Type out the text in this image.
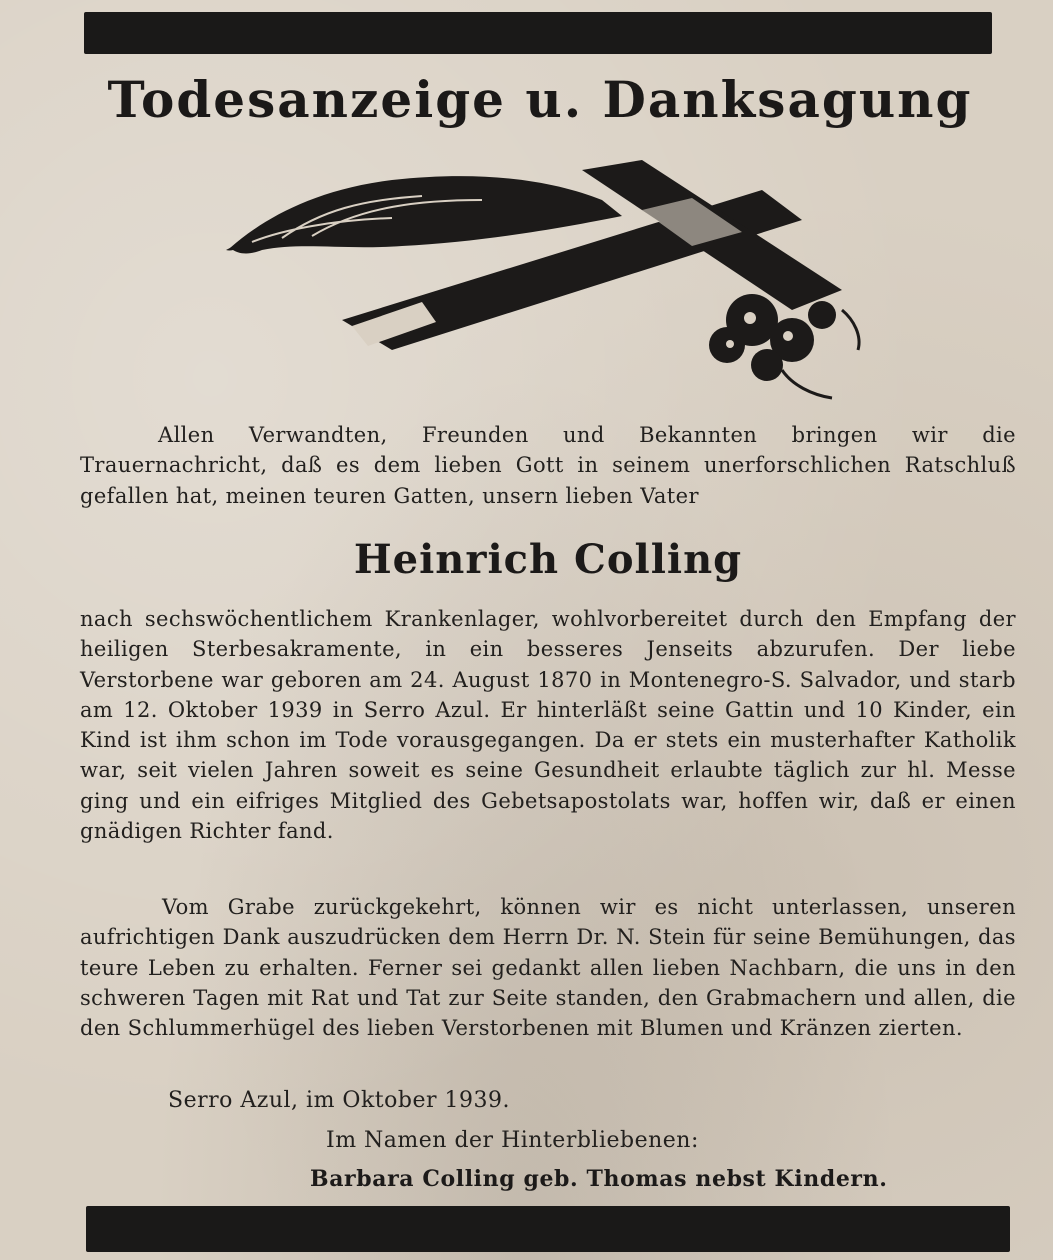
Todesanzeige u. Danksagung
Allen Verwandten, Freunden und Bekannten bringen wir die Trauernachricht, daß es dem lieben Gott in seinem unerforschlichen Ratschluß gefallen hat, meinen teuren Gatten, unsern lieben Vater
Heinrich Colling
nach sechswöchentlichem Krankenlager, wohlvorbereitet durch den Empfang der heiligen Sterbesakramente, in ein besseres Jenseits abzurufen. Der liebe Verstorbene war geboren am 24. August 1870 in Montenegro-S. Salvador, und starb am 12. Oktober 1939 in Serro Azul. Er hinterläßt seine Gattin und 10 Kinder, ein Kind ist ihm schon im Tode vorausgegangen. Da er stets ein musterhafter Katholik war, seit vielen Jahren soweit es seine Gesundheit erlaubte täglich zur hl. Messe ging und ein eifriges Mitglied des Gebetsapostolats war, hoffen wir, daß er einen gnädigen Richter fand.
Vom Grabe zurückgekehrt, können wir es nicht unterlassen, unseren aufrichtigen Dank auszudrücken dem Herrn Dr. N. Stein für seine Bemühungen, das teure Leben zu erhalten. Ferner sei gedankt allen lieben Nachbarn, die uns in den schweren Tagen mit Rat und Tat zur Seite standen, den Grabmachern und allen, die den Schlummerhügel des lieben Verstorbenen mit Blumen und Kränzen zierten.
Serro Azul, im Oktober 1939.
Im Namen der Hinterbliebenen:
Barbara Colling geb. Thomas nebst Kindern.
